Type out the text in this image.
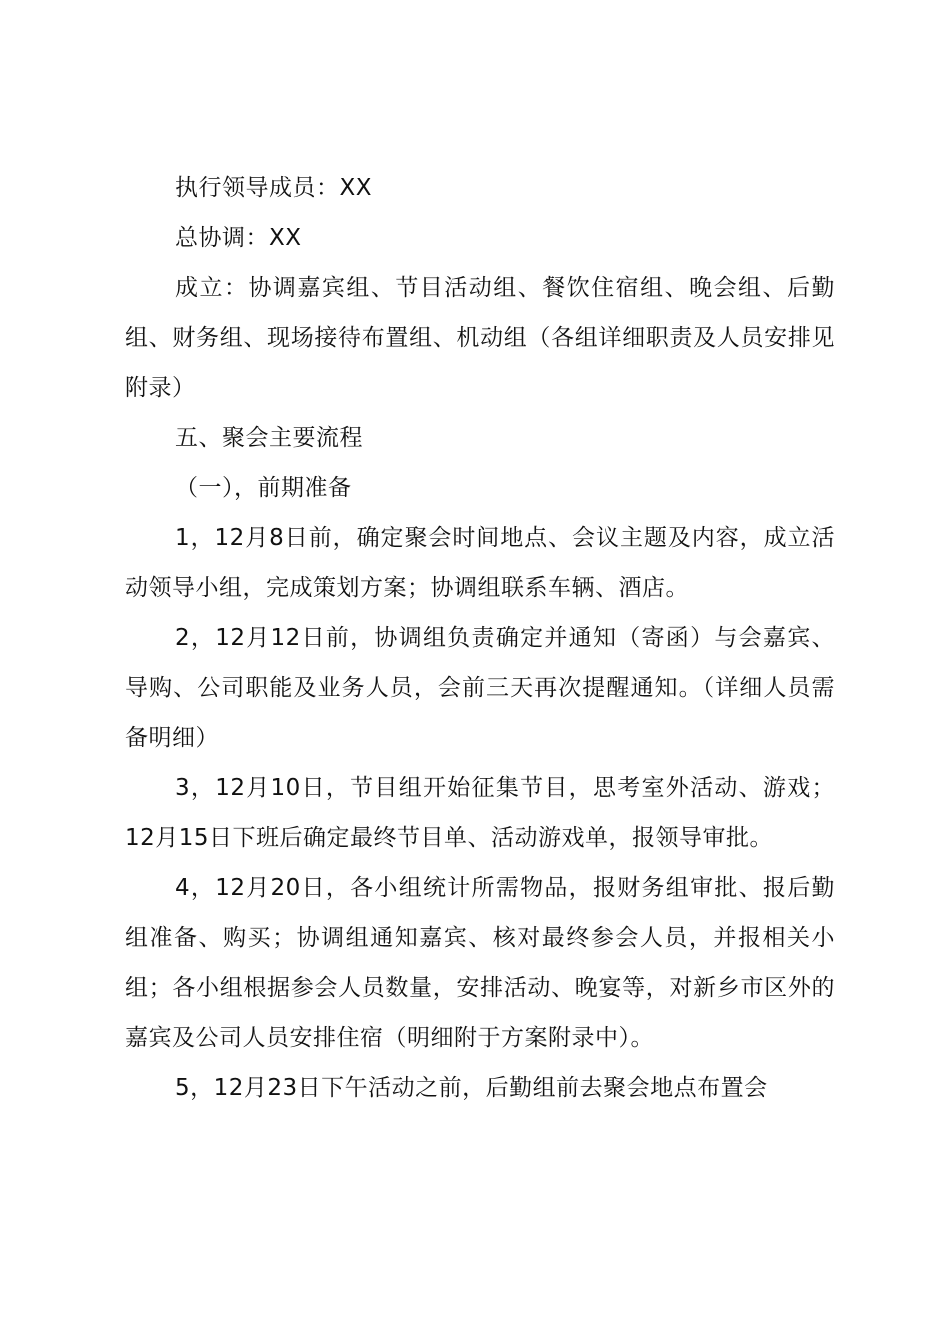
执行领导成员：XX

总协调：XX

成立：协调嘉宾组、节目活动组、餐饮住宿组、晚会组、后勤组、财务组、现场接待布置组、机动组（各组详细职责及人员安排见附录）

五、聚会主要流程

（一），前期准备

1，12月8日前，确定聚会时间地点、会议主题及内容，成立活动领导小组，完成策划方案；协调组联系车辆、酒店。

2，12月12日前，协调组负责确定并通知（寄函）与会嘉宾、导购、公司职能及业务人员，会前三天再次提醒通知。（详细人员需备明细）

3，12月10日，节目组开始征集节目，思考室外活动、游戏；12月15日下班后确定最终节目单、活动游戏单，报领导审批。

4，12月20日，各小组统计所需物品，报财务组审批、报后勤组准备、购买；协调组通知嘉宾、核对最终参会人员，并报相关小组；各小组根据参会人员数量，安排活动、晚宴等，对新乡市区外的嘉宾及公司人员安排住宿（明细附于方案附录中）。

5，12月23日下午活动之前，后勤组前去聚会地点布置会
